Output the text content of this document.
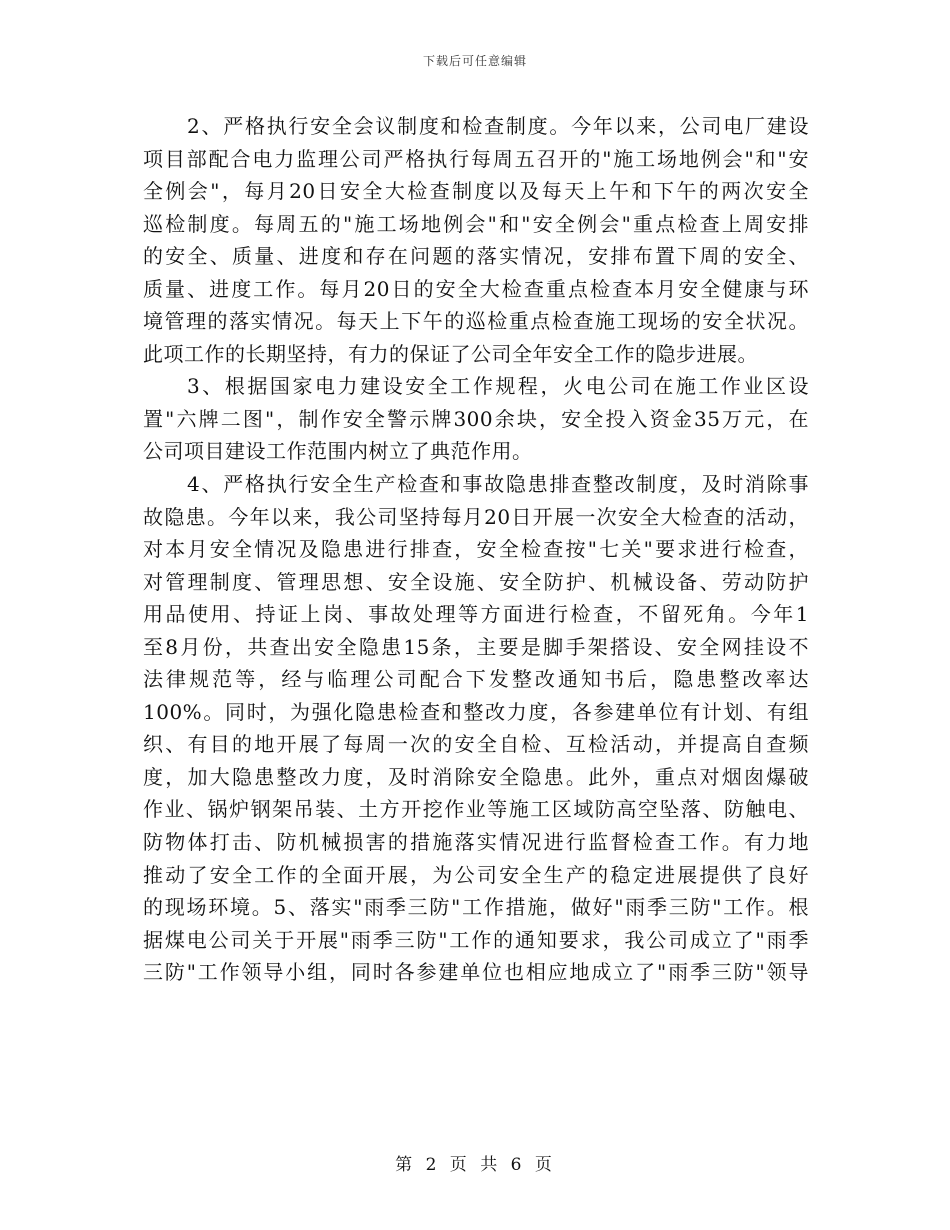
下载后可任意编辑
2、严格执行安全会议制度和检查制度。今年以来，公司电厂建设
项目部配合电力监理公司严格执行每周五召开的"施工场地例会"和"安
全例会"，每月20日安全大检查制度以及每天上午和下午的两次安全
巡检制度。每周五的"施工场地例会"和"安全例会"重点检查上周安排
的安全、质量、进度和存在问题的落实情况，安排布置下周的安全、
质量、进度工作。每月20日的安全大检查重点检查本月安全健康与环
境管理的落实情况。每天上下午的巡检重点检查施工现场的安全状况。
此项工作的长期坚持，有力的保证了公司全年安全工作的隐步进展。
3、根据国家电力建设安全工作规程，火电公司在施工作业区设
置"六牌二图"，制作安全警示牌300余块，安全投入资金35万元，在
公司项目建设工作范围内树立了典范作用。
4、严格执行安全生产检查和事故隐患排查整改制度，及时消除事
故隐患。今年以来，我公司坚持每月20日开展一次安全大检查的活动，
对本月安全情况及隐患进行排查，安全检查按"七关"要求进行检查，
对管理制度、管理思想、安全设施、安全防护、机械设备、劳动防护
用品使用、持证上岗、事故处理等方面进行检查，不留死角。今年1
至8月份，共查出安全隐患15条，主要是脚手架搭设、安全网挂设不
法律规范等，经与临理公司配合下发整改通知书后，隐患整改率达
100%。同时，为强化隐患检查和整改力度，各参建单位有计划、有组
织、有目的地开展了每周一次的安全自检、互检活动，并提高自查频
度，加大隐患整改力度，及时消除安全隐患。此外，重点对烟囱爆破
作业、锅炉钢架吊装、土方开挖作业等施工区域防高空坠落、防触电、
防物体打击、防机械损害的措施落实情况进行监督检查工作。有力地
推动了安全工作的全面开展，为公司安全生产的稳定进展提供了良好
的现场环境。5、落实"雨季三防"工作措施，做好"雨季三防"工作。根
据煤电公司关于开展"雨季三防"工作的通知要求，我公司成立了"雨季
三防"工作领导小组，同时各参建单位也相应地成立了"雨季三防"领导
第 2 页 共 6 页
